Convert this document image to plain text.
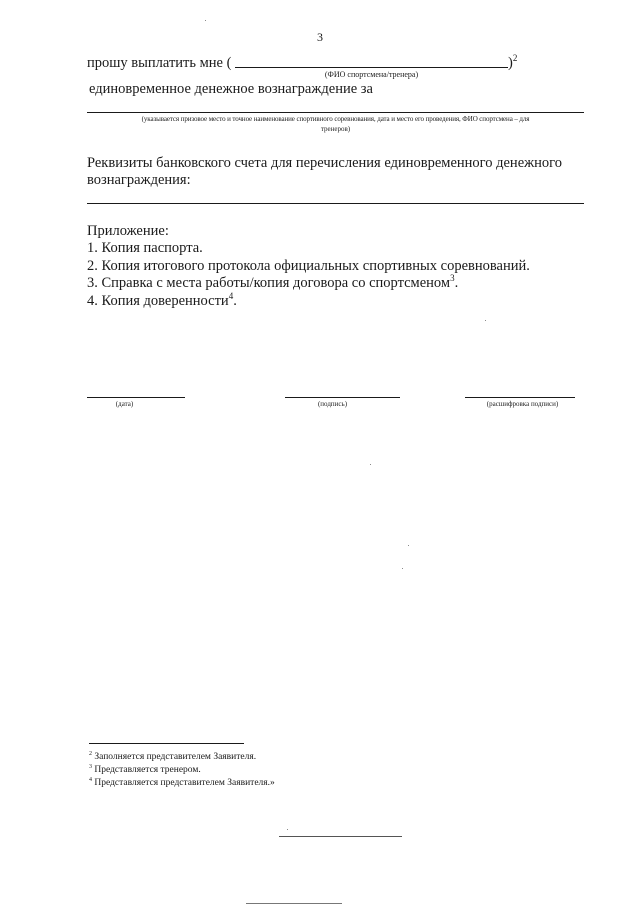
3
прошу выплатить мне (	)$^2$
(ФИО спортсмена/тренера)
единовременное денежное вознаграждение за
(указывается призовое место и точное наименование спортивного соревнования, дата и место его проведения, ФИО спортсмена – для
тренеров)
Реквизиты банковского счета для перечисления единовременного денежного
вознаграждения:
Приложение:
1. Копия паспорта.
2. Копия итогового протокола официальных спортивных соревнований.
3. Справка с места работы/копия договора со спортсменом$^3$.
4. Копия доверенности$^4$.
(дата)	(подпись)	(расшифровка подписи)
$^2$ Заполняется представителем Заявителя.
$^3$ Представляется тренером.
$^4$ Представляется представителем Заявителя.»
